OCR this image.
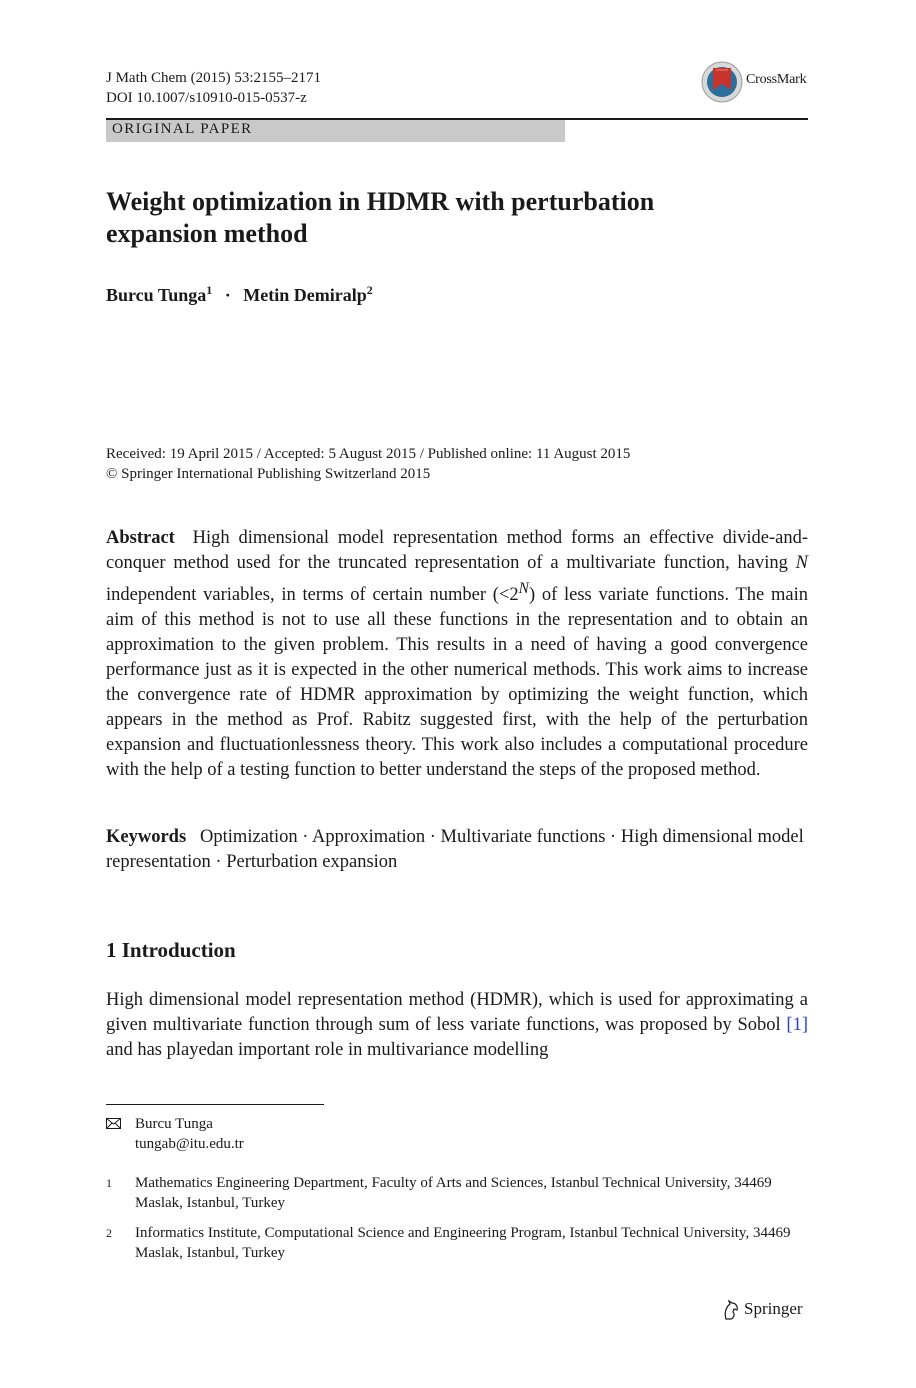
J Math Chem (2015) 53:2155–2171
DOI 10.1007/s10910-015-0537-z
CrossMark
ORIGINAL PAPER
Weight optimization in HDMR with perturbation expansion method
Burcu Tunga$^1$ · Metin Demiralp$^2$
Received: 19 April 2015 / Accepted: 5 August 2015 / Published online: 11 August 2015
© Springer International Publishing Switzerland 2015
Abstract High dimensional model representation method forms an effective divide-and-conquer method used for the truncated representation of a multivariate function, having N independent variables, in terms of certain number $(<2^N)$ of less variate functions. The main aim of this method is not to use all these functions in the representation and to obtain an approximation to the given problem. This results in a need of having a good convergence performance just as it is expected in the other numerical methods. This work aims to increase the convergence rate of HDMR approximation by optimizing the weight function, which appears in the method as Prof. Rabitz suggested first, with the help of the perturbation expansion and fluctuationlessness theory. This work also includes a computational procedure with the help of a testing function to better understand the steps of the proposed method.
Keywords Optimization · Approximation · Multivariate functions · High dimensional model representation · Perturbation expansion
1 Introduction
High dimensional model representation method (HDMR), which is used for approximating a given multivariate function through sum of less variate functions, was proposed by Sobol [1] and has playedan important role in multivariance modelling
Burcu Tunga
tungab@itu.edu.tr
1 Mathematics Engineering Department, Faculty of Arts and Sciences, Istanbul Technical University, 34469 Maslak, Istanbul, Turkey
2 Informatics Institute, Computational Science and Engineering Program, Istanbul Technical University, 34469 Maslak, Istanbul, Turkey
Springer
